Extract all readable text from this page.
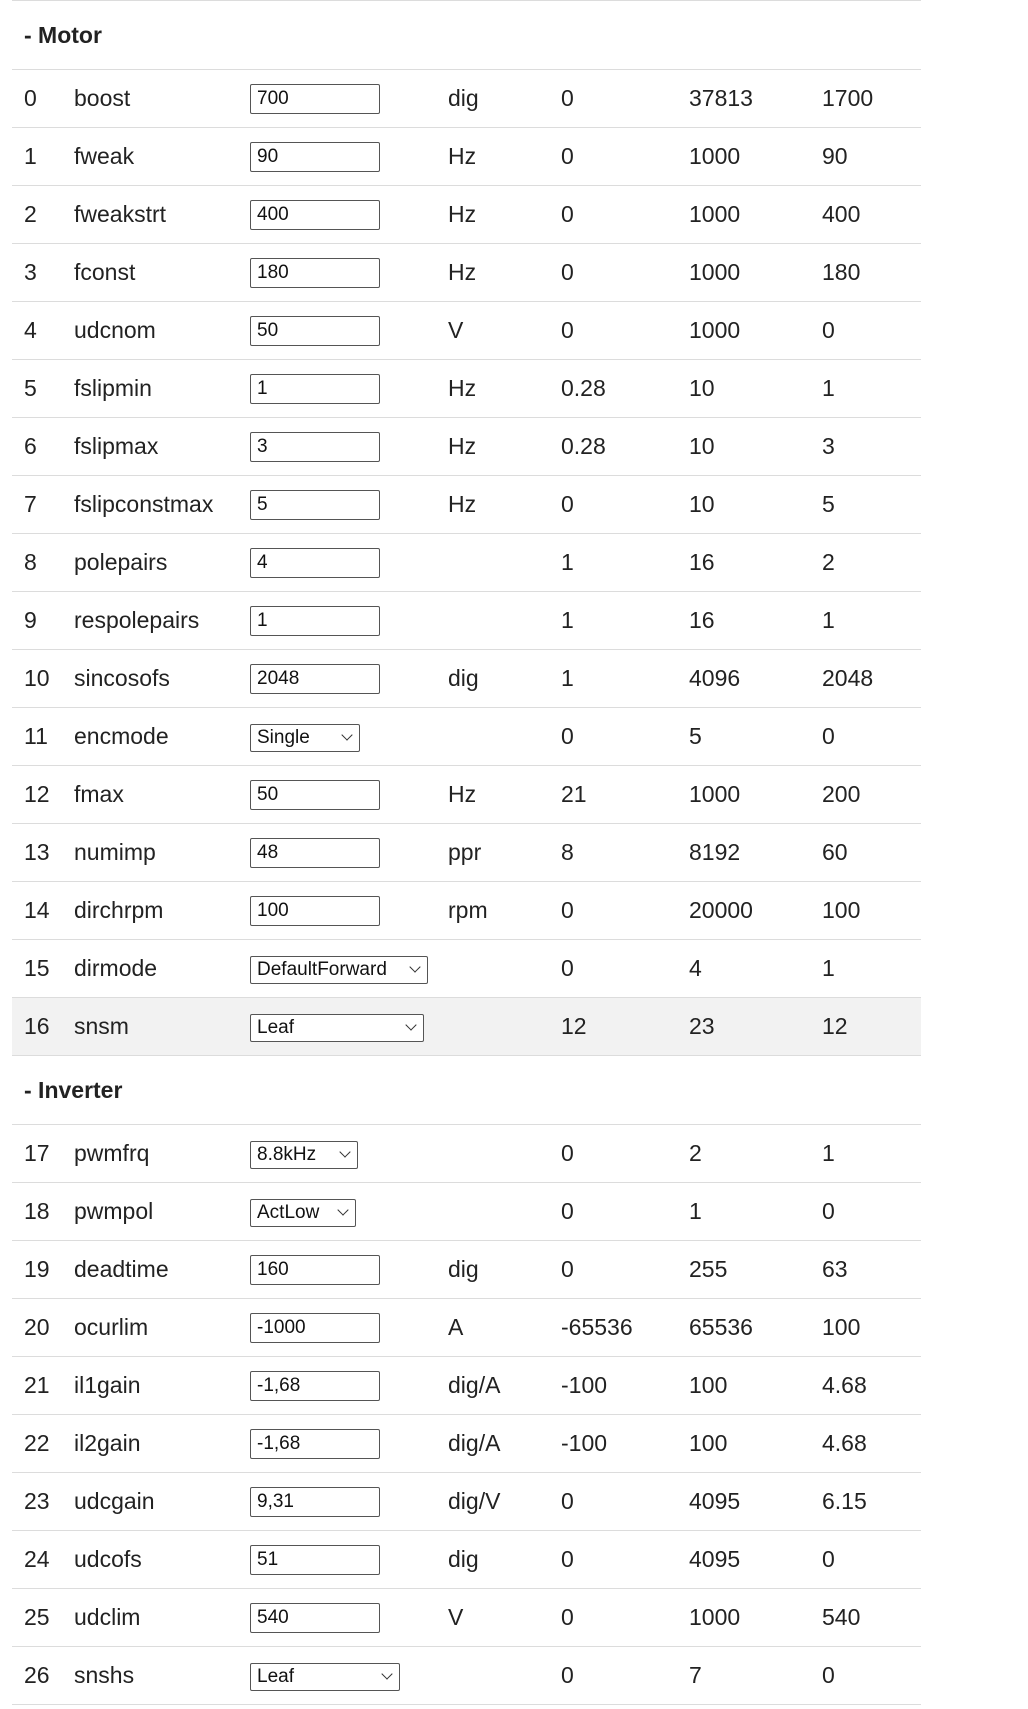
- Motor						
0	boost	700	dig	0	37813	1700
1	fweak	90	Hz	0	1000	90
2	fweakstrt	400	Hz	0	1000	400
3	fconst	180	Hz	0	1000	180
4	udcnom	50	V	0	1000	0
5	fslipmin	1	Hz	0.28	10	1
6	fslipmax	3	Hz	0.28	10	3
7	fslipconstmax	5	Hz	0	10	5
8	polepairs	4		1	16	2
9	respolepairs	1		1	16	1
10	sincosofs	2048	dig	1	4096	2048
11	encmode	Single		0	5	0
12	fmax	50	Hz	21	1000	200
13	numimp	48	ppr	8	8192	60
14	dirchrpm	100	rpm	0	20000	100
15	dirmode	DefaultForward		0	4	1
16	snsm	Leaf		12	23	12
- Inverter						
17	pwmfrq	8.8kHz		0	2	1
18	pwmpol	ActLow		0	1	0
19	deadtime	160	dig	0	255	63
20	ocurlim	-1000	A	-65536	65536	100
21	il1gain	-1,68	dig/A	-100	100	4.68
22	il2gain	-1,68	dig/A	-100	100	4.68
23	udcgain	9,31	dig/V	0	4095	6.15
24	udcofs	51	dig	0	4095	0
25	udclim	540	V	0	1000	540
26	snshs	Leaf		0	7	0
